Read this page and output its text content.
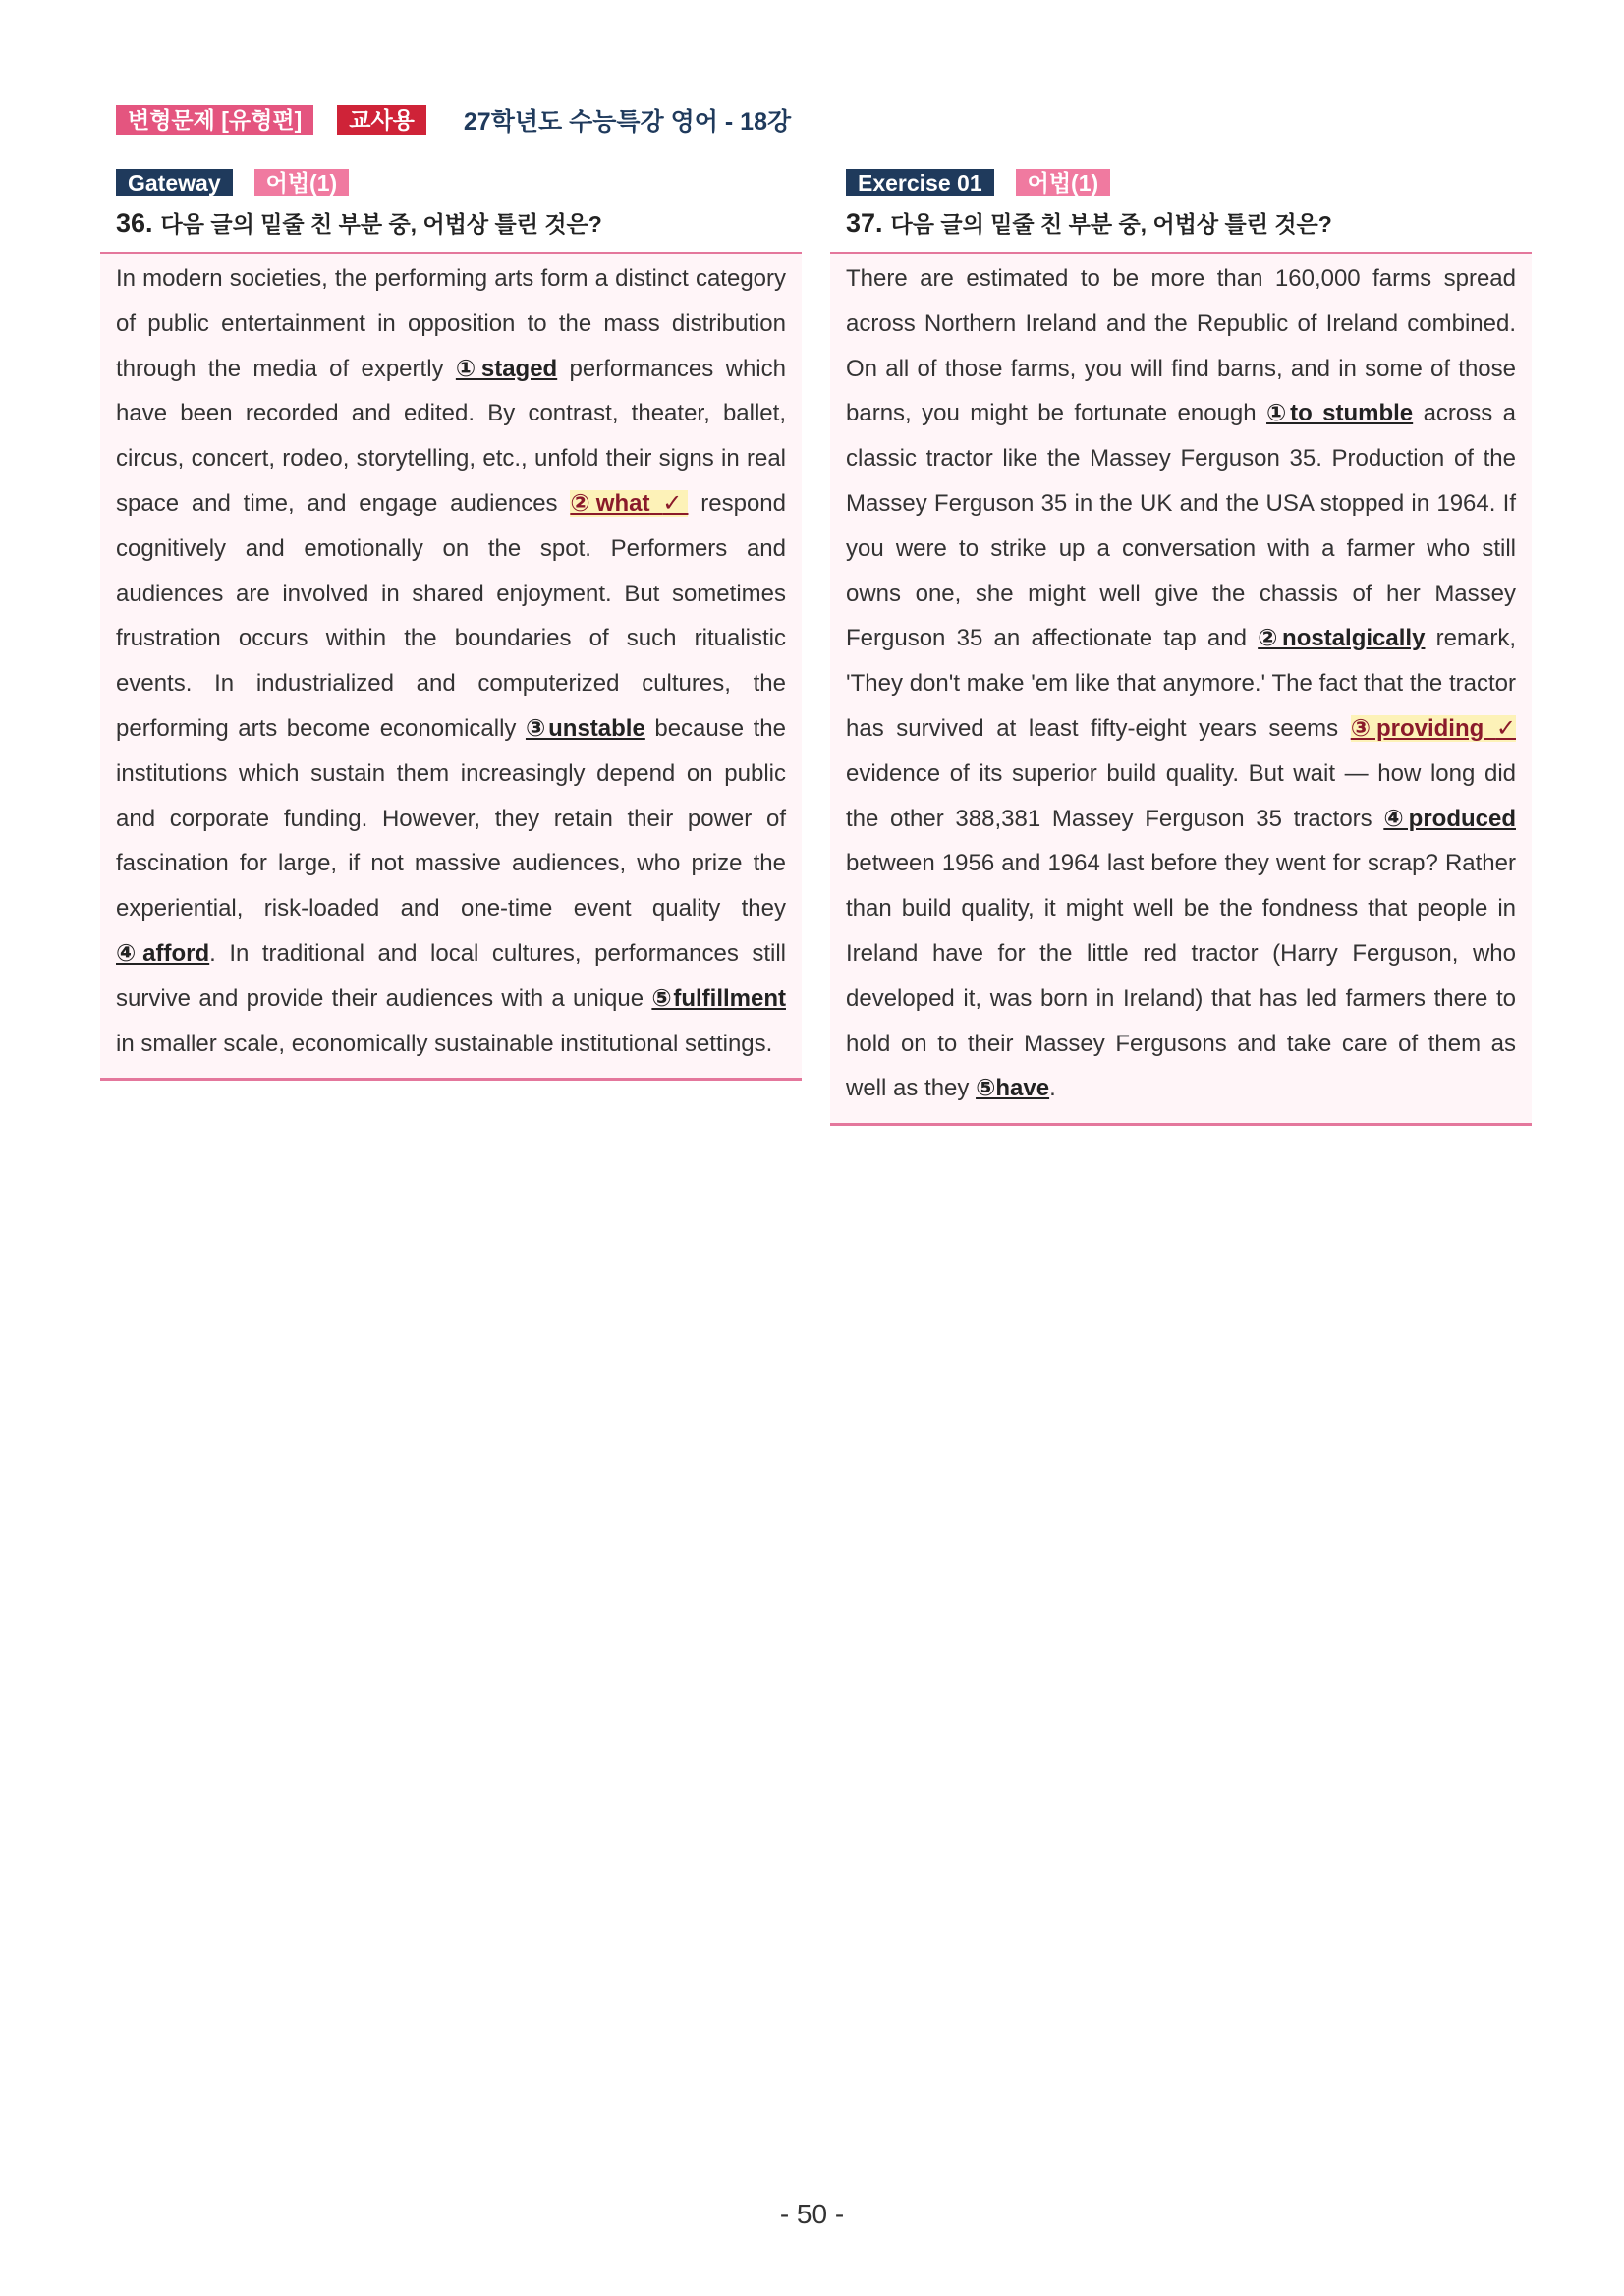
변형문제 [유형편]	교사용	27학년도 수능특강 영어 - 18강
Gateway	어법(1)
36. 다음 글의 밑줄 친 부분 중, 어법상 틀린 것은?
In modern societies, the performing arts form a distinct category of public entertainment in opposition to the mass distribution through the media of expertly ①staged performances which have been recorded and edited. By contrast, theater, ballet, circus, concert, rodeo, storytelling, etc., unfold their signs in real space and time, and engage audiences ②what ✓ respond cognitively and emotionally on the spot. Performers and audiences are involved in shared enjoyment. But sometimes frustration occurs within the boundaries of such ritualistic events. In industrialized and computerized cultures, the performing arts become economically ③unstable because the institutions which sustain them increasingly depend on public and corporate funding. However, they retain their power of fascination for large, if not massive audiences, who prize the experiential, risk-loaded and one-time event quality they ④afford. In traditional and local cultures, performances still survive and provide their audiences with a unique ⑤fulfillment in smaller scale, economically sustainable institutional settings.
Exercise 01	어법(1)
37. 다음 글의 밑줄 친 부분 중, 어법상 틀린 것은?
There are estimated to be more than 160,000 farms spread across Northern Ireland and the Republic of Ireland combined. On all of those farms, you will find barns, and in some of those barns, you might be fortunate enough ①to stumble across a classic tractor like the Massey Ferguson 35. Production of the Massey Ferguson 35 in the UK and the USA stopped in 1964. If you were to strike up a conversation with a farmer who still owns one, she might well give the chassis of her Massey Ferguson 35 an affectionate tap and ②nostalgically remark, 'They don't make 'em like that anymore.' The fact that the tractor has survived at least fifty-eight years seems ③providing ✓ evidence of its superior build quality. But wait — how long did the other 388,381 Massey Ferguson 35 tractors ④produced between 1956 and 1964 last before they went for scrap? Rather than build quality, it might well be the fondness that people in Ireland have for the little red tractor (Harry Ferguson, who developed it, was born in Ireland) that has led farmers there to hold on to their Massey Fergusons and take care of them as well as they ⑤have.
- 50 -
